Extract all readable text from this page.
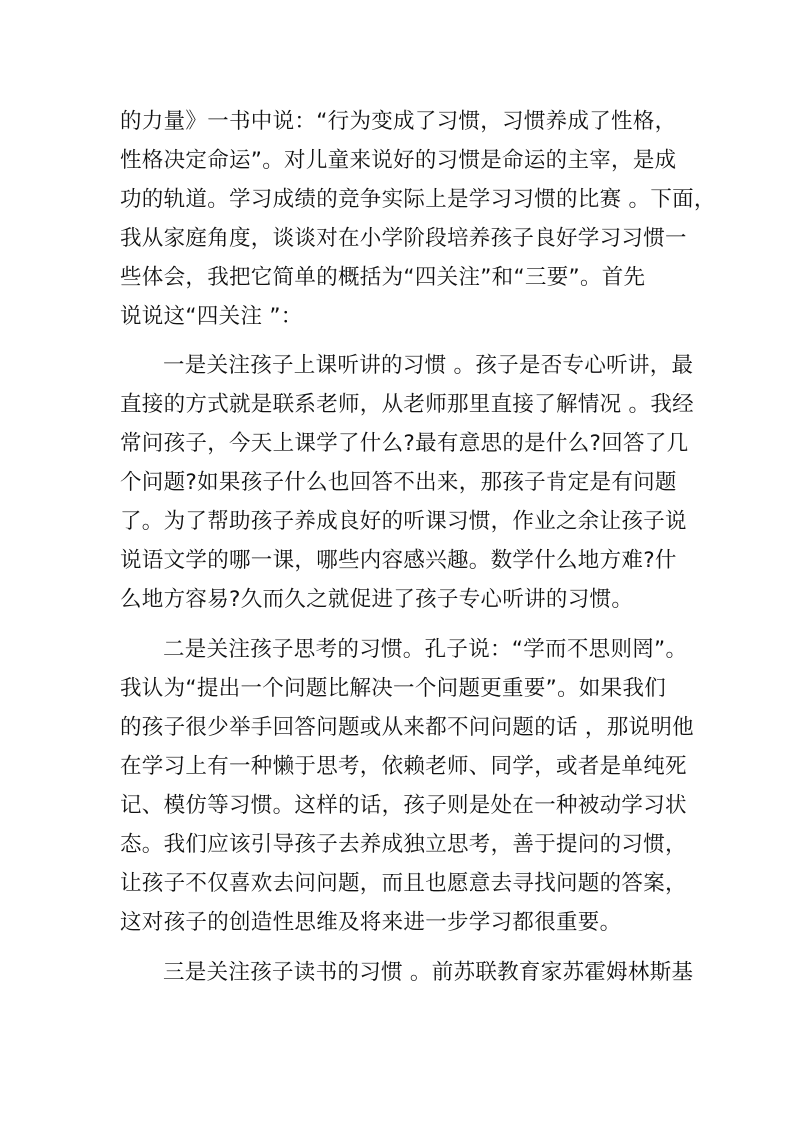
的力量》一书中说：“行为变成了习惯，习惯养成了性格，
性格决定命运”。对儿童来说好的习惯是命运的主宰，是成
功的轨道。学习成绩的竞争实际上是学习习惯的比赛 。下面，
我从家庭角度，谈谈对在小学阶段培养孩子良好学习习惯一
些体会，我把它简单的概括为“四关注”和“三要”。首先
说说这“四关注 ”：
一是关注孩子上课听讲的习惯 。孩子是否专心听讲，最
直接的方式就是联系老师，从老师那里直接了解情况 。我经
常问孩子，今天上课学了什么?最有意思的是什么?回答了几
个问题?如果孩子什么也回答不出来，那孩子肯定是有问题
了。为了帮助孩子养成良好的听课习惯，作业之余让孩子说
说语文学的哪一课，哪些内容感兴趣。数学什么地方难?什
么地方容易?久而久之就促进了孩子专心听讲的习惯。
二是关注孩子思考的习惯。孔子说：“学而不思则罔”。
我认为“提出一个问题比解决一个问题更重要”。如果我们
的孩子很少举手回答问题或从来都不问问题的话 ，那说明他
在学习上有一种懒于思考，依赖老师、同学，或者是单纯死
记、模仿等习惯。这样的话，孩子则是处在一种被动学习状
态。我们应该引导孩子去养成独立思考，善于提问的习惯，
让孩子不仅喜欢去问问题，而且也愿意去寻找问题的答案，
这对孩子的创造性思维及将来进一步学习都很重要。
三是关注孩子读书的习惯 。前苏联教育家苏霍姆林斯基
